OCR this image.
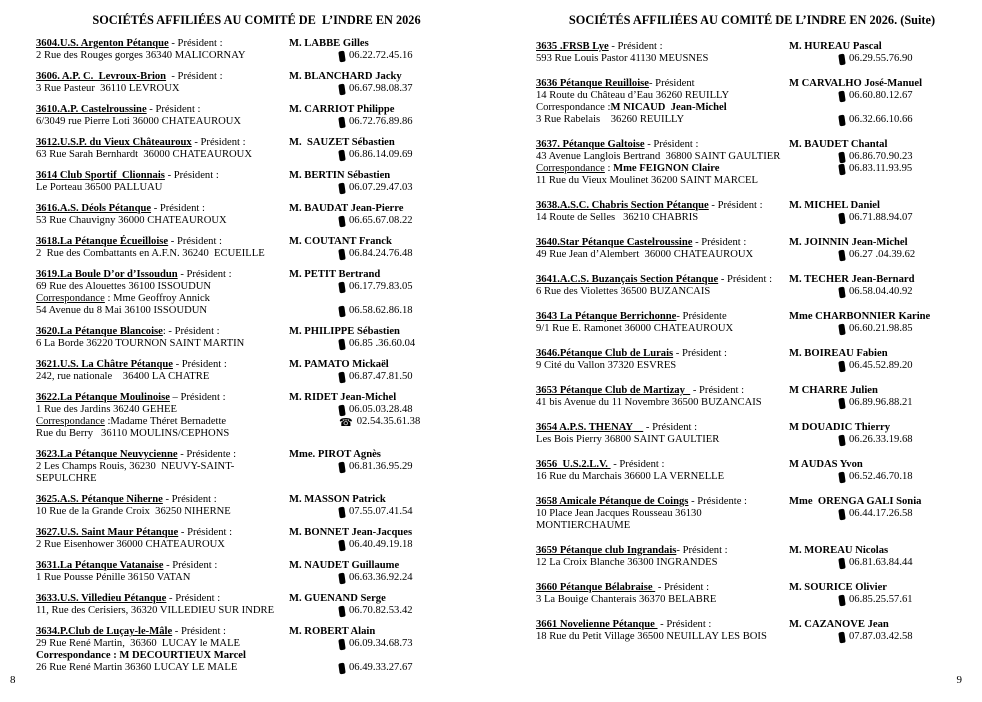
SOCIÉTÉS AFFILIÉES AU COMITÉ DE  L’INDRE EN 2026
3604.U.S. Argenton Pétanque - Président :
2 Rue des Rouges gorges 36340 MALICORNAY
M. LABBE Gilles
06.22.72.45.16
3606. A.P. C.  Levroux-Brion  - Président :
3 Rue Pasteur  36110 LEVROUX
M. BLANCHARD Jacky
06.67.98.08.37
3610.A.P. Castelroussine - Président :
6/3049 rue Pierre Loti 36000 CHATEAUROUX
M. CARRIOT Philippe
06.72.76.89.86
3612.U.S.P. du Vieux Châteauroux - Président :
63 Rue Sarah Bernhardt  36000 CHATEAUROUX
M.  SAUZET Sébastien
06.86.14.09.69
3614 Club Sportif  Clionnais - Président :
Le Porteau 36500 PALLUAU
M. BERTIN Sébastien
06.07.29.47.03
3616.A.S. Déols Pétanque - Président :
53 Rue Chauvigny 36000 CHATEAUROUX
M. BAUDAT Jean-Pierre
06.65.67.08.22
3618.La Pétanque Écueilloise - Président :
2  Rue des Combattants en A.F.N. 36240  ECUEILLE
M. COUTANT Franck
06.84.24.76.48
3619.La Boule D’or d’Issoudun - Président :
69 Rue des Alouettes 36100 ISSOUDUN
Correspondance : Mme Geoffroy Annick
54 Avenue du 8 Mai 36100 ISSOUDUN
M. PETIT Bertrand
06.17.79.83.05
06.58.62.86.18
3620.La Pétanque Blancoise: - Président :
6 La Borde 36220 TOURNON SAINT MARTIN
M. PHILIPPE Sébastien
06.85 .36.60.04
3621.U.S. La Châtre Pétanque - Président :
242, rue nationale    36400 LA CHATRE
M. PAMATO Mickaël
06.87.47.81.50
3622.La Pétanque Moulinoise – Président :
1 Rue des Jardins 36240 GEHEE
Correspondance :Madame Théret Bernadette
Rue du Berry   36110 MOULINS/CEPHONS
M. RIDET Jean-Michel
06.05.03.28.48
☎
02.54.35.61.38
3623.La Pétanque Neuvycienne - Présidente :
2 Les Champs Rouis, 36230  NEUVY-SAINT-SEPULCHRE
Mme. PIROT Agnès
06.81.36.95.29
3625.A.S. Pétanque Niherne - Président :
10 Rue de la Grande Croix  36250 NIHERNE
M. MASSON Patrick
07.55.07.41.54
3627.U.S. Saint Maur Pétanque - Président :
2 Rue Eisenhower 36000 CHATEAUROUX
M. BONNET Jean-Jacques
06.40.49.19.18
3631.La Pétanque Vatanaise - Président :
1 Rue Pousse Pénille 36150 VATAN
M. NAUDET Guillaume
06.63.36.92.24
3633.U.S. Villedieu Pétanque - Président :
11, Rue des Cerisiers, 36320 VILLEDIEU SUR INDRE
M. GUENAND Serge
06.70.82.53.42
3634.P.Club de Luçay-le-Mâle - Président :
29 Rue René Martin,  36360  LUCAY le MALE
Correspondance : M DECOURTIEUX Marcel
26 Rue René Martin 36360 LUCAY LE MALE
M. ROBERT Alain
06.09.34.68.73
06.49.33.27.67
8
SOCIÉTÉS AFFILIÉES AU COMITÉ DE L’INDRE EN 2026. (Suite)
3635 .FRSB Lye - Président :
593 Rue Louis Pastor 41130 MEUSNES
M. HUREAU Pascal
06.29.55.76.90
3636 Pétanque Reuilloise- Président
14 Route du Château d’Eau 36260 REUILLY
Correspondance :M NICAUD  Jean-Michel
3 Rue Rabelais    36260 REUILLY
M CARVALHO José-Manuel
06.60.80.12.67
06.32.66.10.66
3637. Pétanque Galtoise - Président :
43 Avenue Langlois Bertrand  36800 SAINT GAULTIER
Correspondance : Mme FEIGNON Claire
11 Rue du Vieux Moulinet 36200 SAINT MARCEL
M. BAUDET Chantal
06.86.70.90.23
06.83.11.93.95
3638.A.S.C. Chabris Section Pétanque - Président :
14 Route de Selles   36210 CHABRIS
M. MICHEL Daniel
06.71.88.94.07
3640.Star Pétanque Castelroussine - Président :
49 Rue Jean d’Alembert  36000 CHATEAUROUX
M. JOINNIN Jean-Michel
06.27 .04.39.62
3641.A.C.S. Buzançais Section Pétanque - Président :
6 Rue des Violettes 36500 BUZANCAIS
M. TECHER Jean-Bernard
06.58.04.40.92
3643 La Pétanque Berrichonne- Présidente
9/1 Rue E. Ramonet 36000 CHATEAUROUX
Mme CHARBONNIER Karine
06.60.21.98.85
3646.Pétanque Club de Lurais - Président :
9 Cité du Vallon 37320 ESVRES
M. BOIREAU Fabien
06.45.52.89.20
3653 Pétanque Club de Martizay   - Président :
41 bis Avenue du 11 Novembre 36500 BUZANCAIS
M CHARRE Julien
06.89.96.88.21
3654 A.P.S. THENAY     - Président :
Les Bois Pierry 36800 SAINT GAULTIER
M DOUADIC Thierry
06.26.33.19.68
3656  U.S.2.L.V.  - Président :
16 Rue du Marchais 36600 LA VERNELLE
M AUDAS Yvon
06.52.46.70.18
3658 Amicale Pétanque de Coings - Présidente :
10 Place Jean Jacques Rousseau 36130 MONTIERCHAUME
Mme  ORENGA GALI Sonia
06.44.17.26.58
3659 Pétanque club Ingrandais- Président :
12 La Croix Blanche 36300 INGRANDES
M. MOREAU Nicolas
06.81.63.84.44
3660 Pétanque Bélabraise  - Président :
3 La Bouige Chanterais 36370 BELABRE
M. SOURICE Olivier
06.85.25.57.61
3661 Novelienne Pétanque  - Président :
18 Rue du Petit Village 36500 NEUILLAY LES BOIS
M. CAZANOVE Jean
07.87.03.42.58
9
